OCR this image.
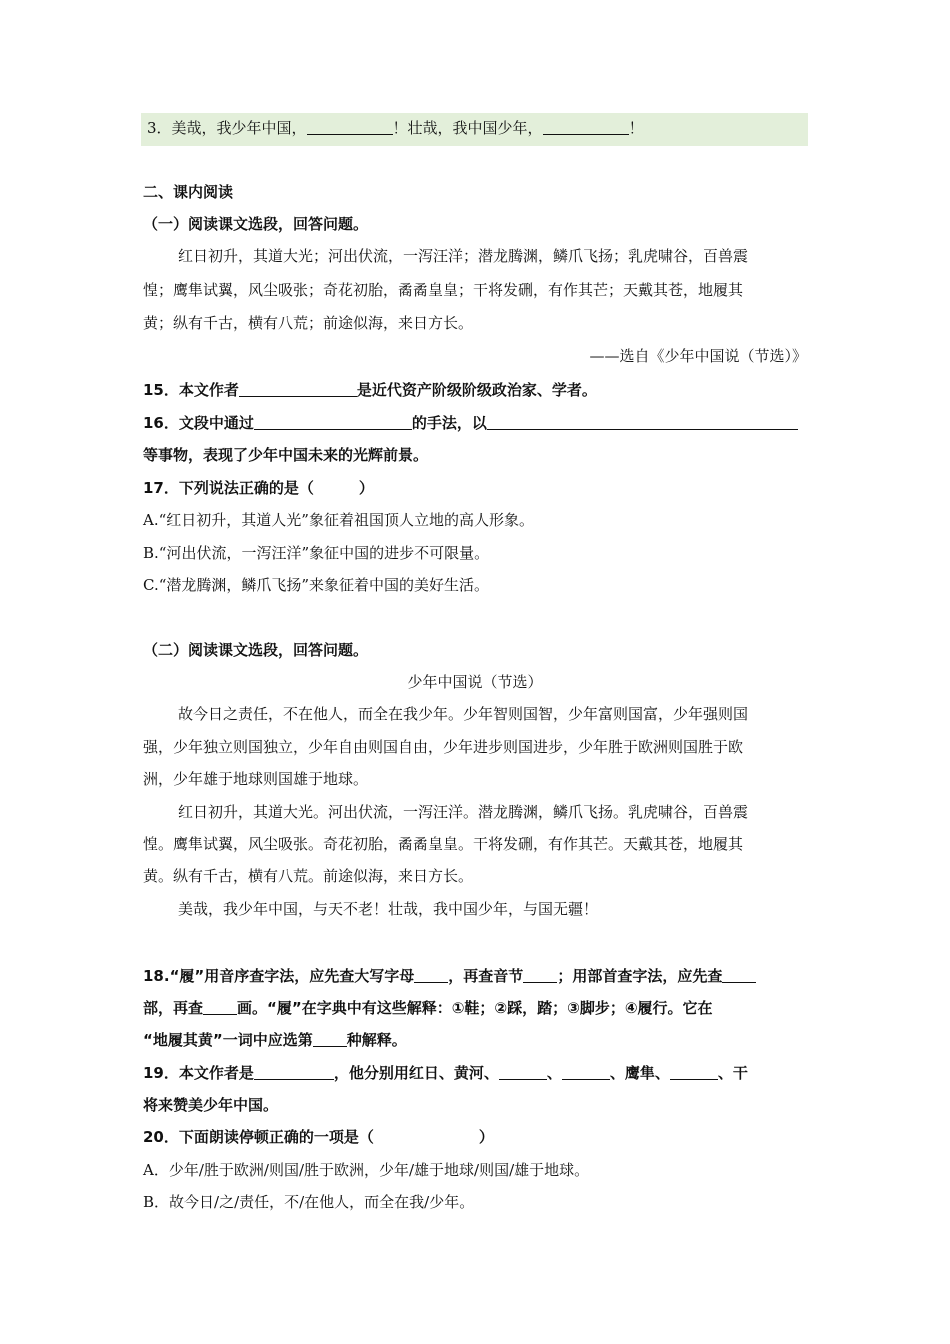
3．美哉，我少年中国，	！壮哉，我中国少年，	！
二、课内阅读
（一）阅读课文选段，回答问题。
红日初升，其道大光；河出伏流，一泻汪洋；潜龙腾渊，鳞爪飞扬；乳虎啸谷，百兽震
惶；鹰隼试翼，风尘吸张；奇花初胎，矞矞皇皇；干将发硎，有作其芒；天戴其苍，地履其
黄；纵有千古，横有八荒；前途似海，来日方长。
——选自《少年中国说（节选）》
15．本文作者	是近代资产阶级阶级政治家、学者。
16．文段中通过	的手法，以
等事物，表现了少年中国未来的光辉前景。
17．下列说法正确的是（　　　）
A.“红日初升，其道人光”象征着祖国顶人立地的高人形象。
B.“河出伏流，一泻汪洋”象征中国的进步不可限量。
C.“潜龙腾渊，鳞爪飞扬”来象征着中国的美好生活。
（二）阅读课文选段，回答问题。
少年中国说（节选）
故今日之责任，不在他人，而全在我少年。少年智则国智，少年富则国富，少年强则国
强，少年独立则国独立，少年自由则国自由，少年进步则国进步，少年胜于欧洲则国胜于欧
洲，少年雄于地球则国雄于地球。
红日初升，其道大光。河出伏流，一泻汪洋。潜龙腾渊，鳞爪飞扬。乳虎啸谷，百兽震
惶。鹰隼试翼，风尘吸张。奇花初胎，矞矞皇皇。干将发硎，有作其芒。天戴其苍，地履其
黄。纵有千古，横有八荒。前途似海，来日方长。
美哉，我少年中国，与天不老！壮哉，我中国少年，与国无疆！
18.“履”用音序查字法，应先查大写字母 ，再查音节 ；用部首查字法，应先查
部，再查 画。“履”在字典中有这些解释：①鞋；②踩，踏；③脚步；④履行。它在
“地履其黄”一词中应选第 种解释。
19．本文作者是	，他分别用红日、黄河、	、	、鹰隼、	、干
将来赞美少年中国。
20．下面朗读停顿正确的一项是（　　　　　　　）
A．少年/胜于欧洲/则国/胜于欧洲，少年/雄于地球/则国/雄于地球。
B．故今日/之/责任，不/在他人，而全在我/少年。
